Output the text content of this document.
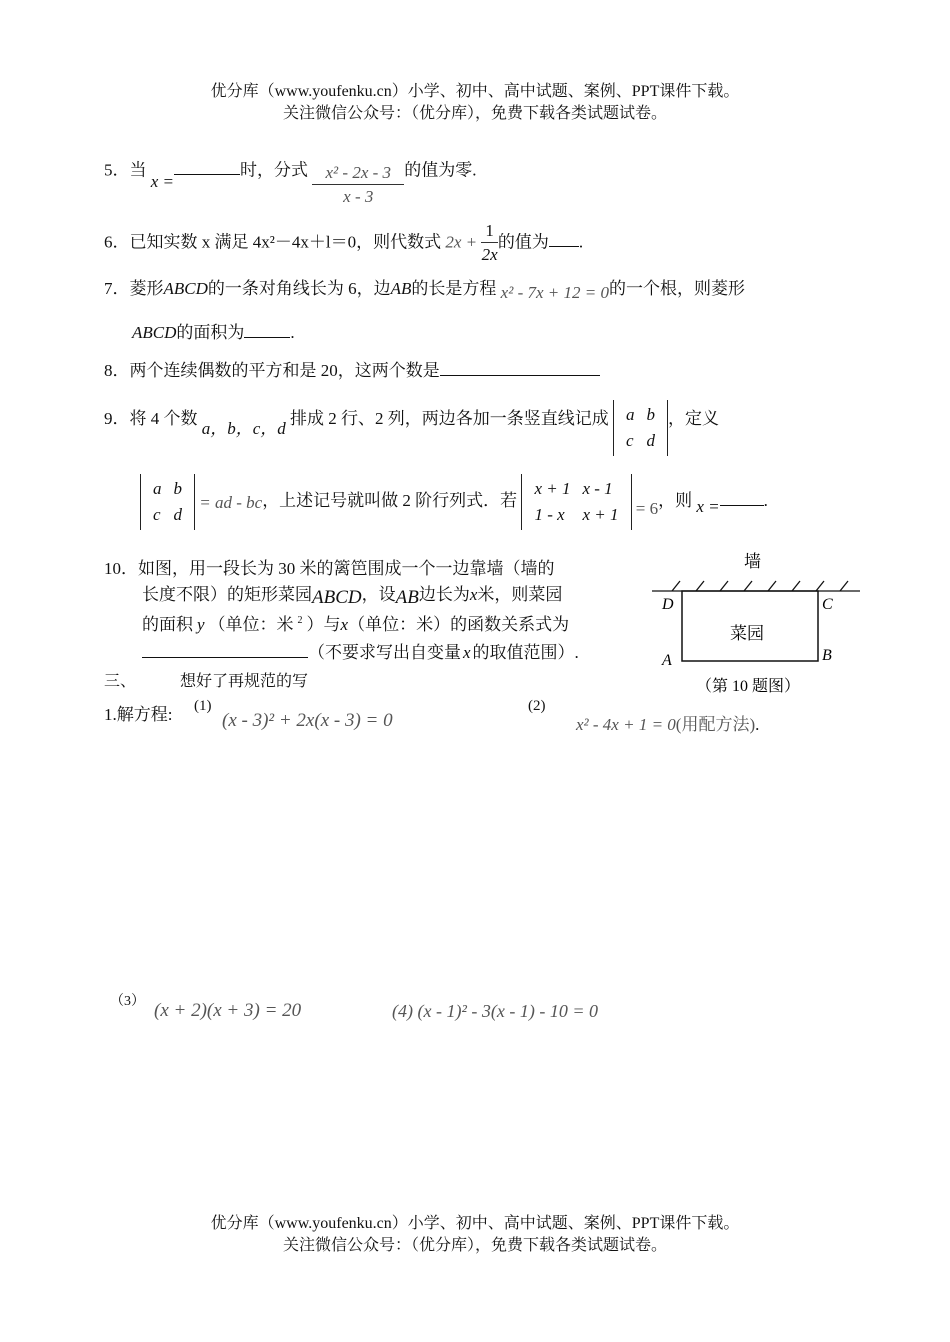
优分库（www.youfenku.cn）小学、初中、高中试题、案例、PPT课件下载。
关注微信公众号：（优分库），免费下载各类试题试卷。
5．当 x =时，分式 $\frac{\text{x² - 2x - 3}}{x - 3}$ 的值为零.
6．已知实数 x 满足 4x²－4x＋l＝0，则代数式 $2x + \frac{1}{2x}$ 的值为 .
7．菱形ABCD的一条对角线长为 6，边AB的长是方程 x² - 7x + 12 = 0的一个根，则菱形
ABCD的面积为	.
8．两个连续偶数的平方和是 20，这两个数是
9．将 4 个数 a，b，c，d 排成 2 行、2 列，两边各加一条竖直线记成 a	b
c	d
，定义
a	b
c	d
= ad - bc，上述记号就叫做 2 阶行列式．若
x + 1	x - 1
1 - x	x + 1 = 6，则 x =	.
10．如图，用一段长为 30 米的篱笆围成一个一边靠墙（墙的
长度不限）的矩形菜园ABCD，设AB边长为x米，则菜园
的面积 y （单位：米 $^2$ ）与x（单位：米）的函数关系式为
（不要求写出自变量 x 的取值范围）.
墙
菜园
D	C
A	B
（第 10 题图）
三、	想好了再规范的写
1.解方程: (1)
(x - 3)² + 2x(x - 3) = 0
(2)
x² - 4x + 1 = 0(用配方法).
（3） (x + 2)(x + 3) = 20	(4) (x - 1)² - 3(x - 1) - 10 = 0
优分库（www.youfenku.cn）小学、初中、高中试题、案例、PPT课件下载。
关注微信公众号：（优分库），免费下载各类试题试卷。
